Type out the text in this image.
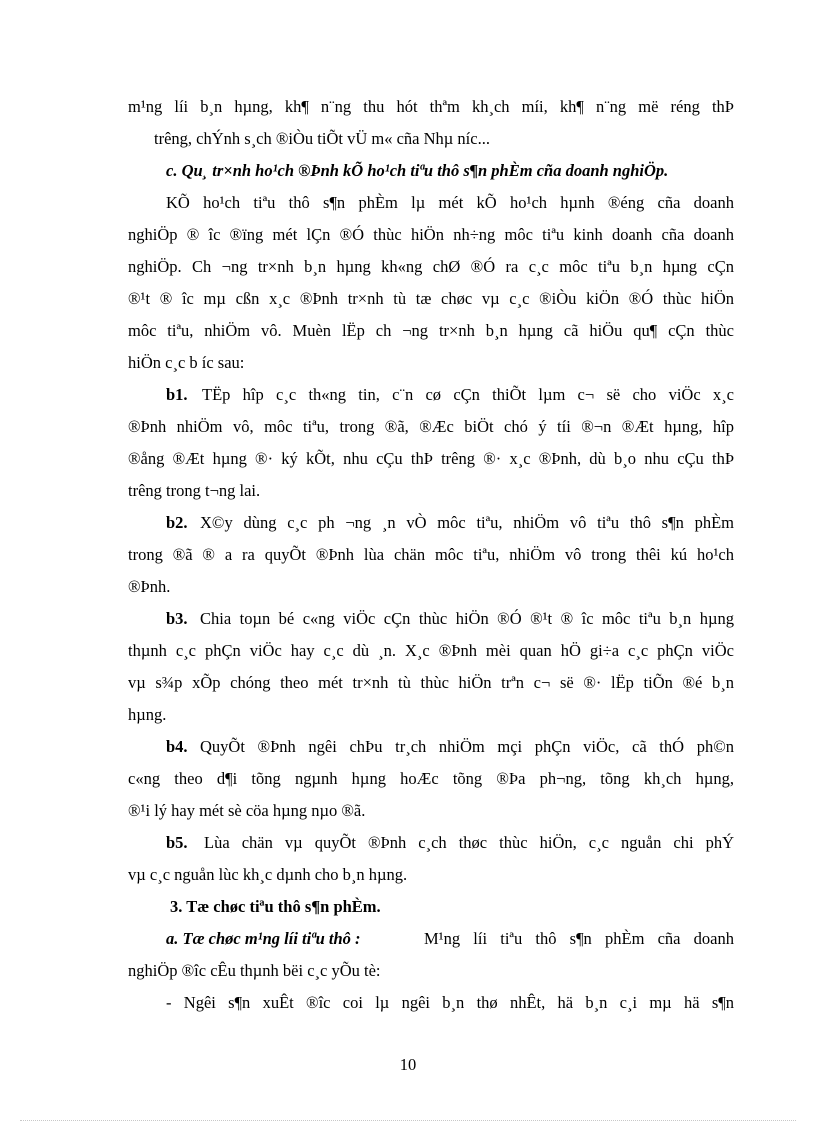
m¹ng líi b¸n hµng, kh¶ n¨ng thu hót thªm kh¸ch míi, kh¶ n¨ng më réng thÞ
trêng, chÝnh s¸ch ®iÒu tiÕt vÜ m« cña Nhµ níc...
c. Qu¸ tr×nh ho¹ch ®Þnh kÕ ho¹ch tiªu thô s¶n phÈm cña doanh nghiÖp.
KÕ ho¹ch tiªu thô s¶n phÈm lµ mét kÕ ho¹ch hµnh ®éng cña doanh
nghiÖp ® îc ®ïng mét lÇn ®Ó thùc hiÖn nh÷ng môc tiªu kinh doanh cña doanh
nghiÖp. Ch ¬ng tr×nh b¸n hµng kh«ng chØ ®Ó ra c¸c môc tiªu b¸n hµng cÇn
®¹t ® îc mµ cßn x¸c ®Þnh tr×nh tù tæ chøc vµ c¸c ®iÒu kiÖn ®Ó thùc hiÖn
môc tiªu, nhiÖm vô. Muèn lËp ch ¬ng tr×nh b¸n hµng cã hiÖu qu¶ cÇn thùc
hiÖn c¸c b íc sau:
b1. TËp hîp c¸c th«ng tin, c¨n cø cÇn thiÕt lµm c¬ së cho viÖc x¸c
®Þnh nhiÖm vô, môc tiªu, trong ®ã, ®Æc biÖt chó ý tíi ®¬n ®Æt hµng, hîp
®ång ®Æt hµng ®· ký kÕt, nhu cÇu thÞ trêng ®· x¸c ®Þnh, dù b¸o nhu cÇu thÞ
trêng trong t¬ng lai.
b2. X©y dùng c¸c ph ¬ng ¸n vÒ môc tiªu, nhiÖm vô tiªu thô s¶n phÈm
trong ®ã ® a ra quyÕt ®Þnh lùa chän môc tiªu, nhiÖm vô trong thêi kú ho¹ch
®Þnh.
b3. Chia toµn bé c«ng viÖc cÇn thùc hiÖn ®Ó ®¹t ® îc môc tiªu b¸n hµng
thµnh c¸c phÇn viÖc hay c¸c dù ¸n. X¸c ®Þnh mèi quan hÖ gi÷a c¸c phÇn viÖc
vµ s¾p xÕp chóng theo mét tr×nh tù thùc hiÖn trªn c¬ së ®· lËp tiÕn ®é b¸n
hµng.
b4. QuyÕt ®Þnh ngêi chÞu tr¸ch nhiÖm mçi phÇn viÖc, cã thÓ ph©n
c«ng theo d¶i tõng ngµnh hµng hoÆc tõng ®Þa ph¬ng, tõng kh¸ch hµng,
®¹i lý hay mét sè cöa hµng nµo ®ã.
b5. Lùa chän vµ quyÕt ®Þnh c¸ch thøc thùc hiÖn, c¸c nguån chi phÝ
vµ c¸c nguån lùc kh¸c dµnh cho b¸n hµng.
3. Tæ chøc tiªu thô s¶n phÈm.
a. Tæ chøc m¹ng líi tiªu thô :	M¹ng líi tiªu thô s¶n phÈm cña doanh
nghiÖp ®îc cÊu thµnh bëi c¸c yÕu tè:
- Ngêi s¶n xuÊt ®îc coi lµ ngêi b¸n thø nhÊt, hä b¸n c¸i mµ hä s¶n
10
